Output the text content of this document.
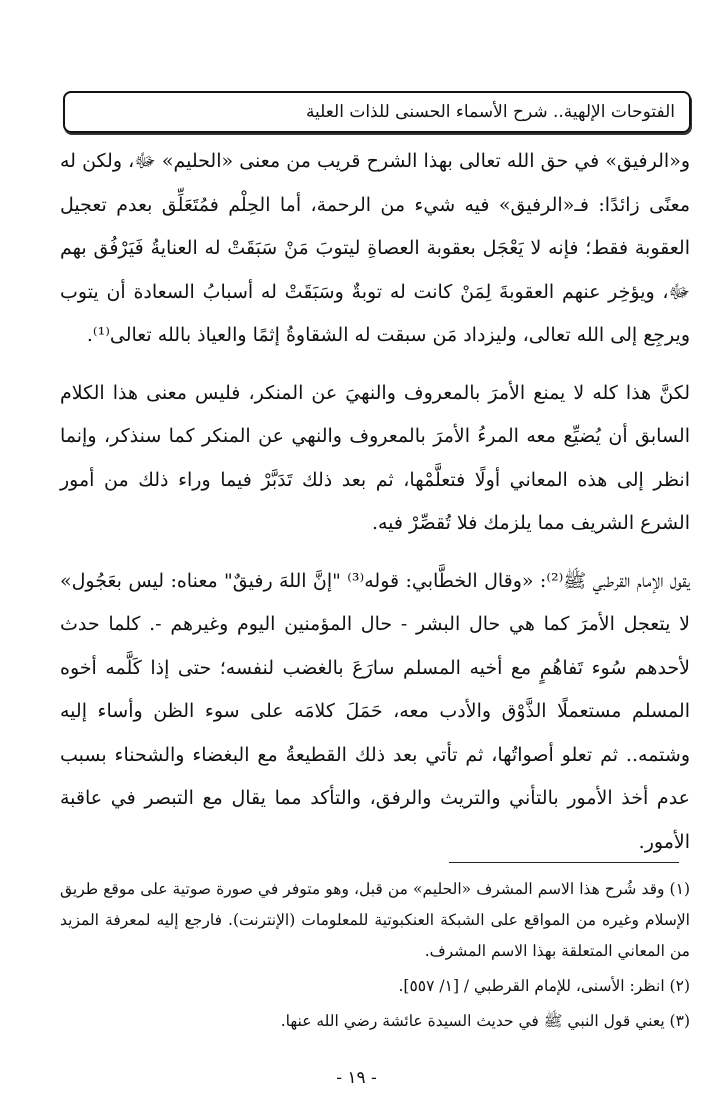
الفتوحات الإلهية.. شرح الأسماء الحسنى للذات العلية

و«الرفيق» في حق الله تعالى بهذا الشرح قريب من معنى «الحليم» ﷻ، ولكن له معنًى زائدًا: فـ«الرفيق» فيه شيء من الرحمة، أما الحِلْم فمُتَعَلِّق بعدم تعجيل العقوبة فقط؛ فإنه لا يَعْجَل بعقوبة العصاةِ ليتوبَ مَنْ سَبَقَتْ له العنايةُ فَيَرْفُق بهم ﷻ، ويؤخِر عنهم العقوبةَ لِمَنْ كانت له توبةٌ وسَبَقَتْ له أسبابُ السعادة أن يتوب ويرجِع إلى الله تعالى، وليزداد مَن سبقت له الشقاوةُ إثمًا والعياذ بالله تعالى⁽¹⁾.

لكنَّ هذا كله لا يمنع الأمرَ بالمعروف والنهيَ عن المنكر، فليس معنى هذا الكلام السابق أن يُضيِّع معه المرءُ الأمرَ بالمعروف والنهي عن المنكر كما سنذكر، وإنما انظر إلى هذه المعاني أولًا فتعلَّمْها، ثم بعد ذلك تَدَبَّرْ فيما وراء ذلك من أمور الشرع الشريف مما يلزمك فلا تُقصِّرْ فيه.

يقول الإمام القرطبي ﷺ⁽²⁾: «وقال الخطَّابي: قوله⁽³⁾ "إنَّ اللهَ رفيقٌ" معناه: ليس بعَجُول» لا يتعجل الأمرَ كما هي حال البشر - حال المؤمنين اليوم وغيرهم -. كلما حدث لأحدهم سُوء تَفاهُمٍ مع أخيه المسلم سارَعَ بالغضب لنفسه؛ حتى إذا كَلَّمه أخوه المسلم مستعملًا الذَّوْق والأدب معه، حَمَلَ كلامَه على سوء الظن وأساء إليه وشتمه.. ثم تعلو أصواتُها، ثم تأتي بعد ذلك القطيعةُ مع البغضاء والشحناء بسبب عدم أخذ الأمور بالتأني والتريث والرفق، والتأكد مما يقال مع التبصر في عاقبة الأمور.

(١) وقد شُرح هذا الاسم المشرف «الحليم» من قبل، وهو متوفر في صورة صوتية على موقع طريق الإسلام وغيره من المواقع على الشبكة العنكبوتية للمعلومات (الإنترنت). فارجع إليه لمعرفة المزيد من المعاني المتعلقة بهذا الاسم المشرف.

(٢) انظر: الأسنى، للإمام القرطبي / [١/ ٥٥٧].

(٣) يعني قول النبي ﷺ في حديث السيدة عائشة رضي الله عنها.

- ١٩ -
